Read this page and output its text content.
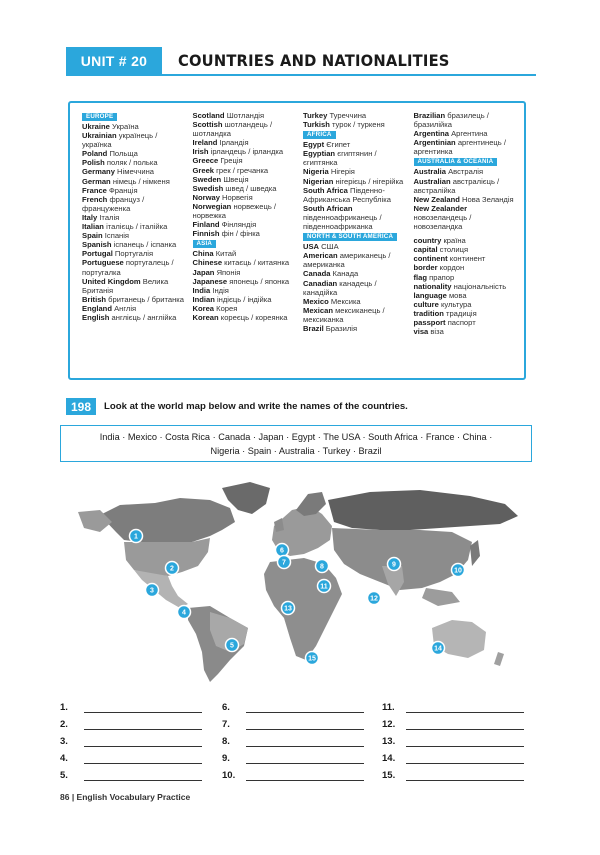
UNIT # 20	COUNTRIES AND NATIONALITIES
EUROPE
Ukraine Україна
Ukrainian українець / українка
Poland Польща
Polish поляк / полька
Germany Німеччина
German німець / німкеня
France Франція
French француз / француженка
Italy Італія
Italian італієць / італійка
Spain Іспанія
Spanish іспанець / іспанка
Portugal Португалія
Portuguese португалець / португалка
United Kingdom Велика Британія
British британець / британка
England Англія
English англієць / англійка
Scotland Шотландія
Scottish шотландець / шотландка
Ireland Ірландія
Irish ірландець / ірландка
Greece Греція
Greek грек / гречанка
Sweden Швеція
Swedish швед / шведка
Norway Норвегія
Norwegian норвежець / норвежка
Finland Фінляндія
Finnish фін / фінка
ASIA
China Китай
Chinese китаєць / китаянка
Japan Японія
Japanese японець / японка
India Індія
Indian індієць / індійка
Korea Корея
Korean кореєць / кореянка
Turkey Туреччина
Turkish турок / туркеня
AFRICA
Egypt Єгипет
Egyptian єгиптянин / єгиптянка
Nigeria Нігерія
Nigerian нігерієць / нігерійка
South Africa Південно-Африканська Республіка
South African південноафриканець / південноафриканка
NORTH & SOUTH AMERICA
USA США
American американець / американка
Canada Канада
Canadian канадець / канадійка
Mexico Мексика
Mexican мексиканець / мексиканка
Brazil Бразилія
Brazilian бразилець / бразилійка
Argentina Аргентина
Argentinian аргентинець / аргентинка
AUSTRALIA & OCEANIA
Australia Австралія
Australian австралієць / австралійка
New Zealand Нова Зеландія
New Zealander новозеландець / новозеландка
country країна
capital столиця
continent континент
border кордон
flag прапор
nationality національність
language мова
culture культура
tradition традиція
passport паспорт
visa віза
198	Look at the world map below and write the names of the countries.
India · Mexico · Costa Rica · Canada · Japan · Egypt · The USA · South Africa · France · China ·
Nigeria · Spain · Australia · Turkey · Brazil
1
2
3
4
5
6
7
8	9
10
11
12
13
14
15
1.
2.
3.
4.
5.
6.
7.
8.
9.
10.
11.
12.
13.
14.
15.
86 | English Vocabulary Practice
